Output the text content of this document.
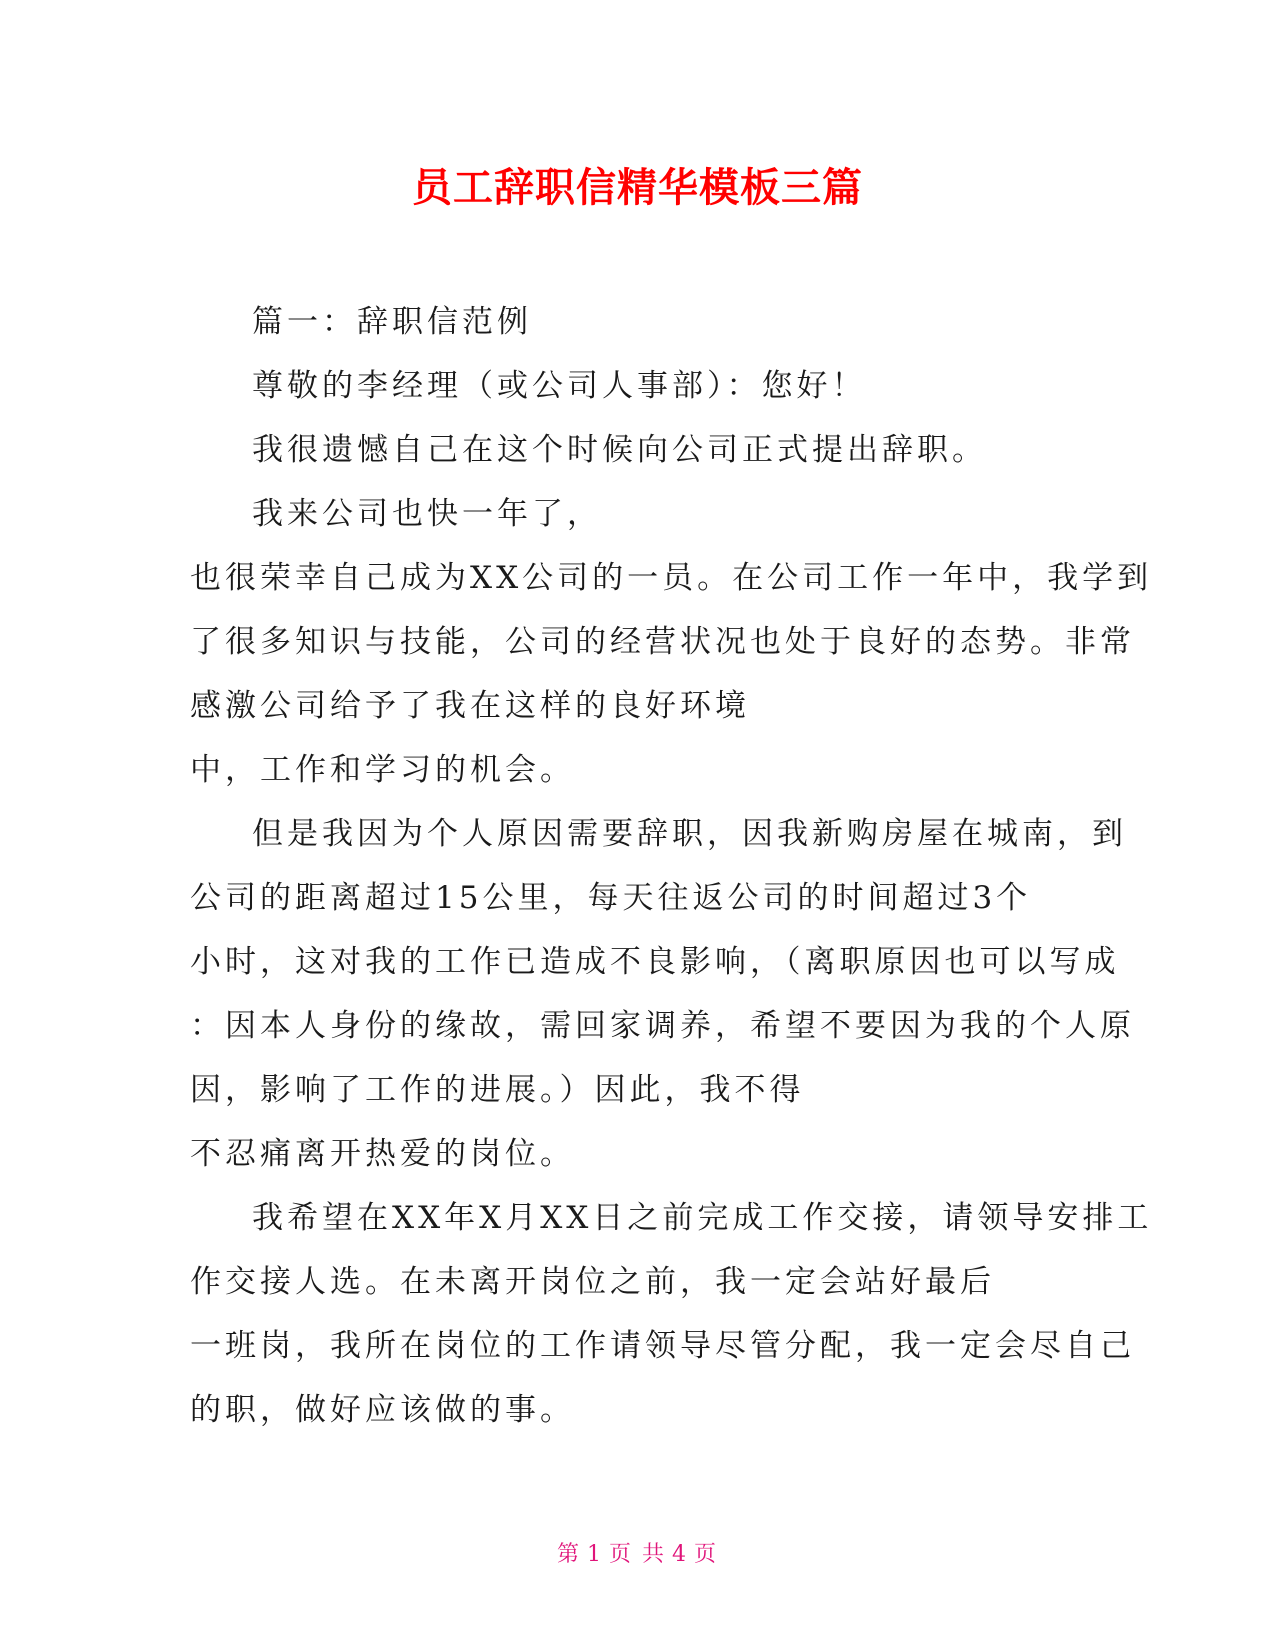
员工辞职信精华模板三篇
篇一：辞职信范例
尊敬的李经理（或公司人事部）：您好！
我很遗憾自己在这个时候向公司正式提出辞职。
我来公司也快一年了，
也很荣幸自己成为XX公司的一员。在公司工作一年中，我学到
了很多知识与技能，公司的经营状况也处于良好的态势。非常
感激公司给予了我在这样的良好环境
中，工作和学习的机会。
但是我因为个人原因需要辞职，因我新购房屋在城南，到
公司的距离超过15公里，每天往返公司的时间超过3个
小时，这对我的工作已造成不良影响，（离职原因也可以写成
：因本人身份的缘故，需回家调养，希望不要因为我的个人原
因，影响了工作的进展。）因此，我不得
不忍痛离开热爱的岗位。
我希望在XX年X月XX日之前完成工作交接，请领导安排工
作交接人选。在未离开岗位之前，我一定会站好最后
一班岗，我所在岗位的工作请领导尽管分配，我一定会尽自己
的职，做好应该做的事。
第 1 页 共 4 页
